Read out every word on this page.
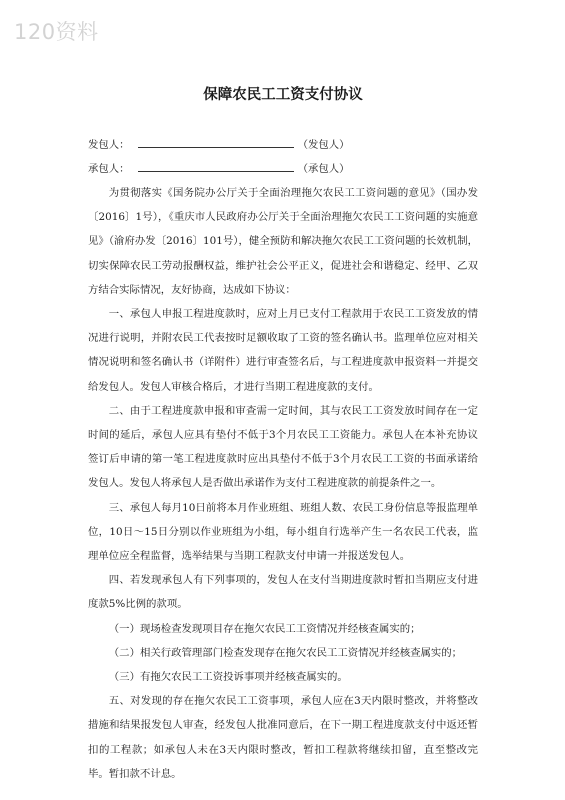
120资料
保障农民工工资支付协议
发包人：	（发包人）
承包人：	（承包人）

为贯彻落实《国务院办公厅关于全面治理拖欠农民工工资问题的意见》（国办发〔2016〕1号），《重庆市人民政府办公厅关于全面治理拖欠农民工工资问题的实施意见》（渝府办发〔2016〕101号），健全预防和解决拖欠农民工工资问题的长效机制，切实保障农民工劳动报酬权益，维护社会公平正义，促进社会和谐稳定、经甲、乙双方结合实际情况，友好协商，达成如下协议：

一、承包人申报工程进度款时，应对上月已支付工程款用于农民工工资发放的情况进行说明，并附农民工代表按时足额收取了工资的签名确认书。监理单位应对相关情况说明和签名确认书（详附件）进行审查签名后，与工程进度款申报资料一并提交给发包人。发包人审核合格后，才进行当期工程进度款的支付。

二、由于工程进度款申报和审查需一定时间，其与农民工工资发放时间存在一定时间的延后，承包人应具有垫付不低于3个月农民工工资能力。承包人在本补充协议签订后申请的第一笔工程进度款时应出具垫付不低于3个月农民工工资的书面承诺给发包人。发包人将承包人是否做出承诺作为支付工程进度款的前提条件之一。

三、承包人每月10日前将本月作业班组、班组人数、农民工身份信息等报监理单位，10日～15日分别以作业班组为小组，每小组自行选举产生一名农民工代表，监理单位应全程监督，选举结果与当期工程款支付申请一并报送发包人。

四、若发现承包人有下列事项的，发包人在支付当期进度款时暂扣当期应支付进度款5%比例的款项。

（一）现场检查发现项目存在拖欠农民工工资情况并经核查属实的；

（二）相关行政管理部门检查发现存在拖欠农民工工资情况并经核查属实的；

（三）有拖欠农民工工资投诉事项并经核查属实的。

五、对发现的存在拖欠农民工工资事项，承包人应在3天内限时整改，并将整改措施和结果报发包人审查，经发包人批准同意后，在下一期工程进度款支付中返还暂扣的工程款；如承包人未在3天内限时整改，暂扣工程款将继续扣留，直至整改完毕。暂扣款不计息。
